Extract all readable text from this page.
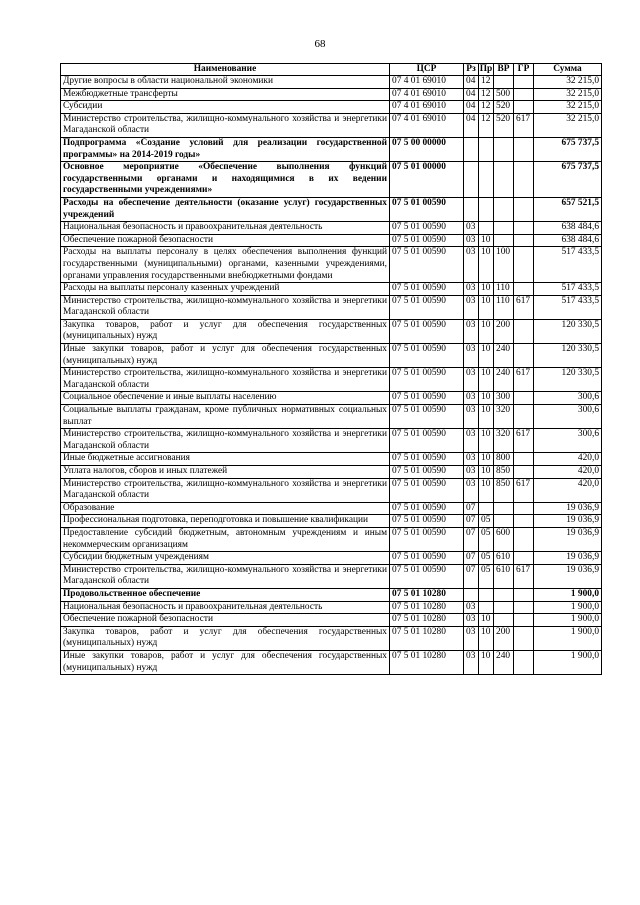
68
Наименование	ЦСР	Рз	Пр	ВР	ГР	Сумма
Другие вопросы в области национальной экономики	07 4 01 69010	04	12			32 215,0
Межбюджетные трансферты	07 4 01 69010	04	12	500		32 215,0
Субсидии	07 4 01 69010	04	12	520		32 215,0
Министерство строительства, жилищно-коммунального хозяйства и энергетики Магаданской области	07 4 01 69010	04	12	520	617	32 215,0
Подпрограмма «Создание условий для реализации государственной программы» на 2014-2019 годы»	07 5 00 00000					675 737,5
Основное мероприятие «Обеспечение выполнения функций государственными органами и находящимися в их ведении государственными учреждениями»	07 5 01 00000					675 737,5
Расходы на обеспечение деятельности (оказание услуг) государственных учреждений	07 5 01 00590					657 521,5
Национальная безопасность и правоохранительная деятельность	07 5 01 00590	03				638 484,6
Обеспечение пожарной безопасности	07 5 01 00590	03	10			638 484,6
Расходы на выплаты персоналу в целях обеспечения выполнения функций государственными (муниципальными) органами, казенными учреждениями, органами управления государственными внебюджетными фондами	07 5 01 00590	03	10	100		517 433,5
Расходы на выплаты персоналу казенных учреждений	07 5 01 00590	03	10	110		517 433,5
Министерство строительства, жилищно-коммунального хозяйства и энергетики Магаданской области	07 5 01 00590	03	10	110	617	517 433,5
Закупка товаров, работ и услуг для обеспечения государственных (муниципальных) нужд	07 5 01 00590	03	10	200		120 330,5
Иные закупки товаров, работ и услуг для обеспечения государственных (муниципальных) нужд	07 5 01 00590	03	10	240		120 330,5
Министерство строительства, жилищно-коммунального хозяйства и энергетики Магаданской области	07 5 01 00590	03	10	240	617	120 330,5
Социальное обеспечение и иные выплаты населению	07 5 01 00590	03	10	300		300,6
Социальные выплаты гражданам, кроме публичных нормативных социальных выплат	07 5 01 00590	03	10	320		300,6
Министерство строительства, жилищно-коммунального хозяйства и энергетики Магаданской области	07 5 01 00590	03	10	320	617	300,6
Иные бюджетные ассигнования	07 5 01 00590	03	10	800		420,0
Уплата налогов, сборов и иных платежей	07 5 01 00590	03	10	850		420,0
Министерство строительства, жилищно-коммунального хозяйства и энергетики Магаданской области	07 5 01 00590	03	10	850	617	420,0
Образование	07 5 01 00590	07				19 036,9
Профессиональная подготовка, переподготовка и повышение квалификации	07 5 01 00590	07	05			19 036,9
Предоставление субсидий бюджетным, автономным учреждениям и иным некоммерческим организациям	07 5 01 00590	07	05	600		19 036,9
Субсидии бюджетным учреждениям	07 5 01 00590	07	05	610		19 036,9
Министерство строительства, жилищно-коммунального хозяйства и энергетики Магаданской области	07 5 01 00590	07	05	610	617	19 036,9
Продовольственное обеспечение	07 5 01 10280					1 900,0
Национальная безопасность и правоохранительная деятельность	07 5 01 10280	03				1 900,0
Обеспечение пожарной безопасности	07 5 01 10280	03	10			1 900,0
Закупка товаров, работ и услуг для обеспечения государственных (муниципальных) нужд	07 5 01 10280	03	10	200		1 900,0
Иные закупки товаров, работ и услуг для обеспечения государственных (муниципальных) нужд	07 5 01 10280	03	10	240		1 900,0
